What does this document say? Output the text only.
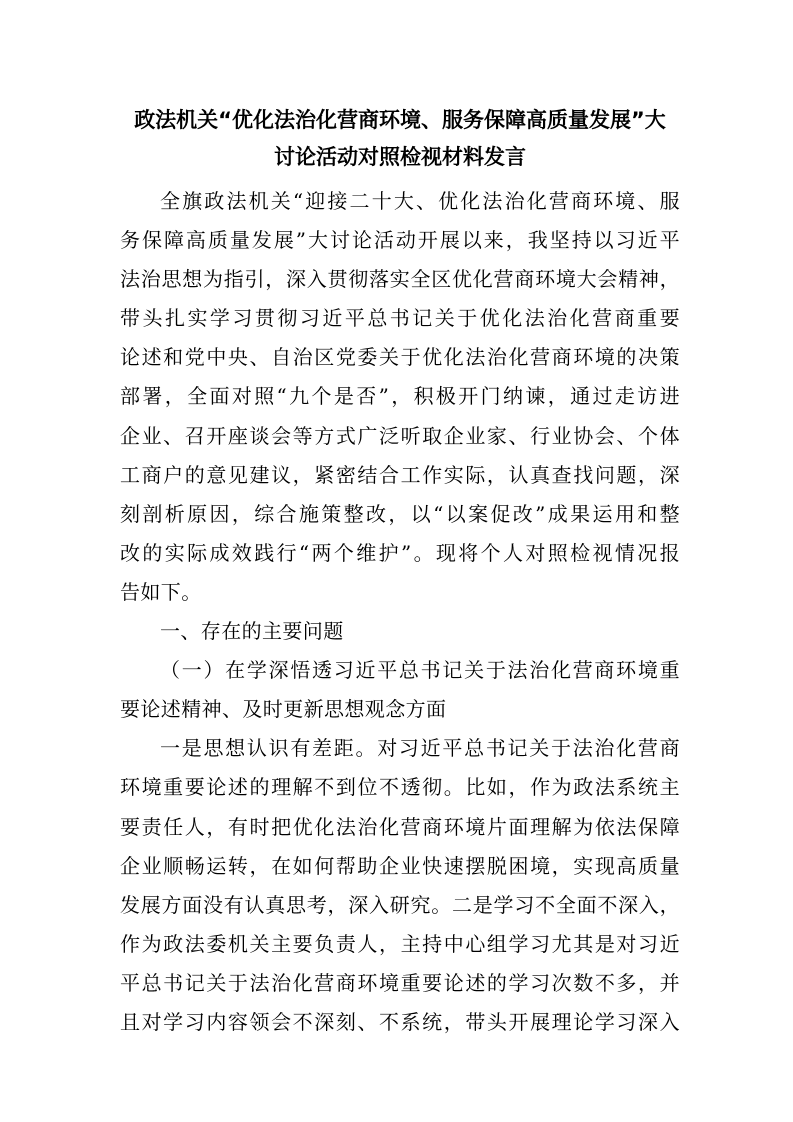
政法机关“优化法治化营商环境、服务保障高质量发展”大
讨论活动对照检视材料发言
全旗政法机关“迎接二十大、优化法治化营商环境、服
务保障高质量发展”大讨论活动开展以来，我坚持以习近平
法治思想为指引，深入贯彻落实全区优化营商环境大会精神，
带头扎实学习贯彻习近平总书记关于优化法治化营商重要
论述和党中央、自治区党委关于优化法治化营商环境的决策
部署，全面对照“九个是否”，积极开门纳谏，通过走访进
企业、召开座谈会等方式广泛听取企业家、行业协会、个体
工商户的意见建议，紧密结合工作实际，认真查找问题，深
刻剖析原因，综合施策整改，以“以案促改”成果运用和整
改的实际成效践行“两个维护”。现将个人对照检视情况报
告如下。
一、存在的主要问题
（一）在学深悟透习近平总书记关于法治化营商环境重
要论述精神、及时更新思想观念方面
一是思想认识有差距。对习近平总书记关于法治化营商
环境重要论述的理解不到位不透彻。比如，作为政法系统主
要责任人，有时把优化法治化营商环境片面理解为依法保障
企业顺畅运转，在如何帮助企业快速摆脱困境，实现高质量
发展方面没有认真思考，深入研究。二是学习不全面不深入，
作为政法委机关主要负责人，主持中心组学习尤其是对习近
平总书记关于法治化营商环境重要论述的学习次数不多，并
且对学习内容领会不深刻、不系统，带头开展理论学习深入
